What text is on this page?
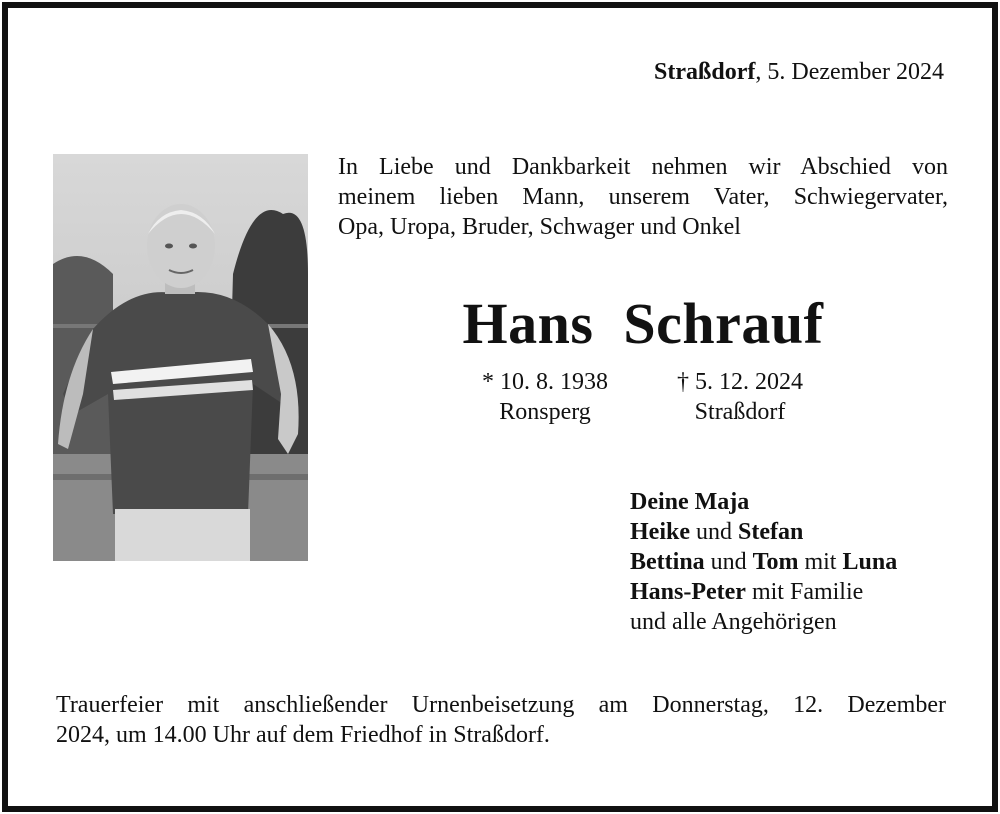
Straßdorf, 5. Dezember 2024
In Liebe und Dankbarkeit nehmen wir Abschied von
meinem lieben Mann, unserem Vater, Schwiegervater,
Opa, Uropa, Bruder, Schwager und Onkel
Hans  Schrauf
* 10. 8. 1938
Ronsperg
† 5. 12. 2024
Straßdorf
Deine Maja
Heike und Stefan
Bettina und Tom mit Luna
Hans-Peter mit Familie
und alle Angehörigen
Trauerfeier mit anschließender Urnenbeisetzung am Donnerstag, 12. Dezember
2024, um 14.00 Uhr auf dem Friedhof in Straßdorf.
